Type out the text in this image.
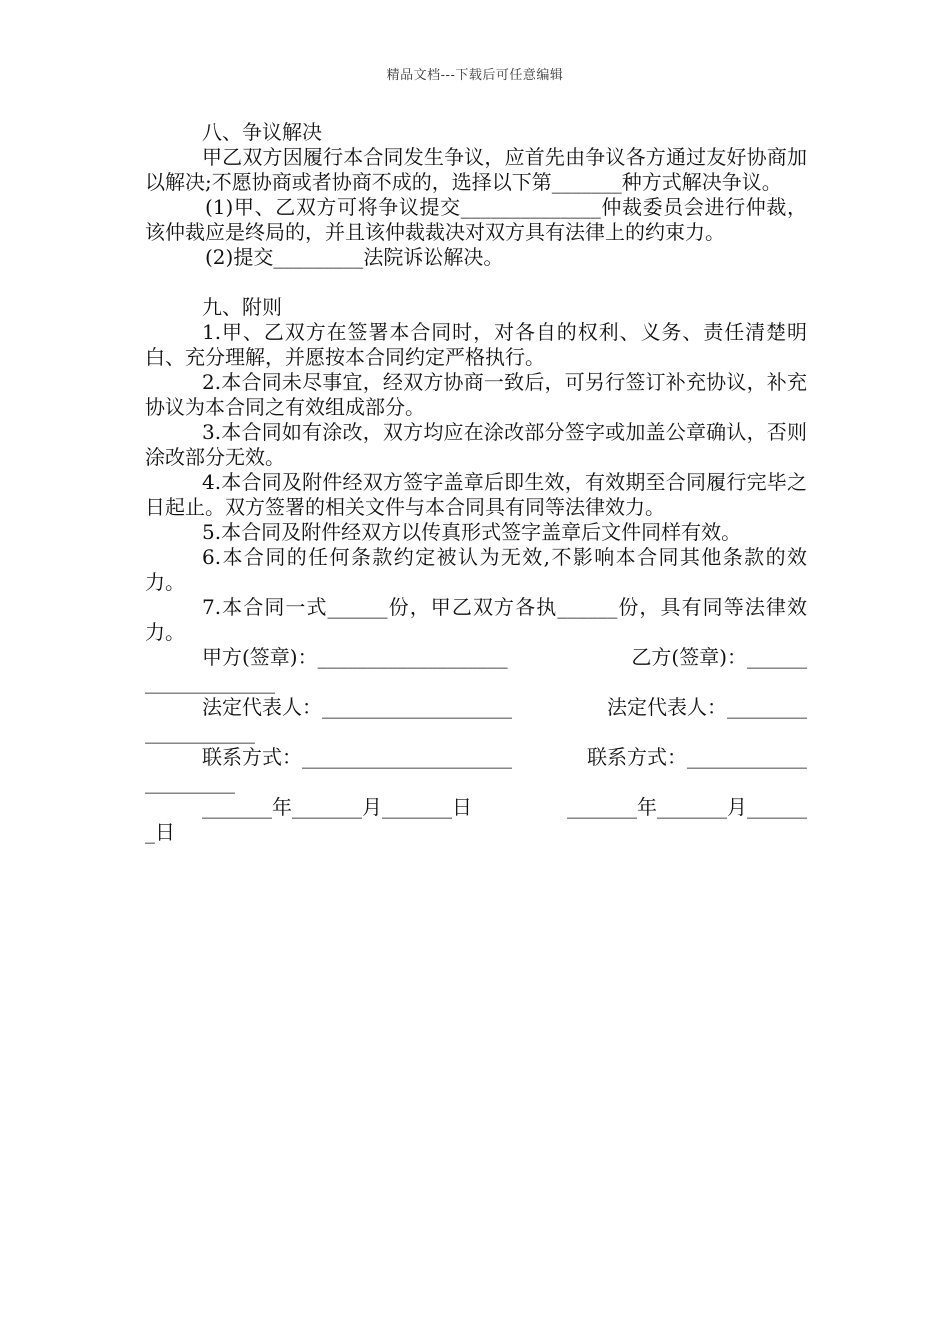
精品文档---下载后可任意编辑

八、争议解决

甲乙双方因履行本合同发生争议，应首先由争议各方通过友好协商加以解决;不愿协商或者协商不成的，选择以下第_______种方式解决争议。

(1)甲、乙双方可将争议提交______________仲裁委员会进行仲裁，该仲裁应是终局的，并且该仲裁裁决对双方具有法律上的约束力。

(2)提交_________法院诉讼解决。

九、附则

1.甲、乙双方在签署本合同时，对各自的权利、义务、责任清楚明白、充分理解，并愿按本合同约定严格执行。

2.本合同未尽事宜，经双方协商一致后，可另行签订补充协议，补充协议为本合同之有效组成部分。

3.本合同如有涂改，双方均应在涂改部分签字或加盖公章确认，否则涂改部分无效。

4.本合同及附件经双方签字盖章后即生效，有效期至合同履行完毕之日起止。双方签署的相关文件与本合同具有同等法律效力。

5.本合同及附件经双方以传真形式签字盖章后文件同样有效。

6.本合同的任何条款约定被认为无效,不影响本合同其他条款的效力。

7.本合同一式______份，甲乙双方各执______份，具有同等法律效力。

甲方(签章)：___________________	乙方(签章)：______
_____________
法定代表人：___________________	法定代表人：________
___________
联系方式：_____________________	联系方式：____________
_________
_______年_______月_______日	_______年_______月______
_日
